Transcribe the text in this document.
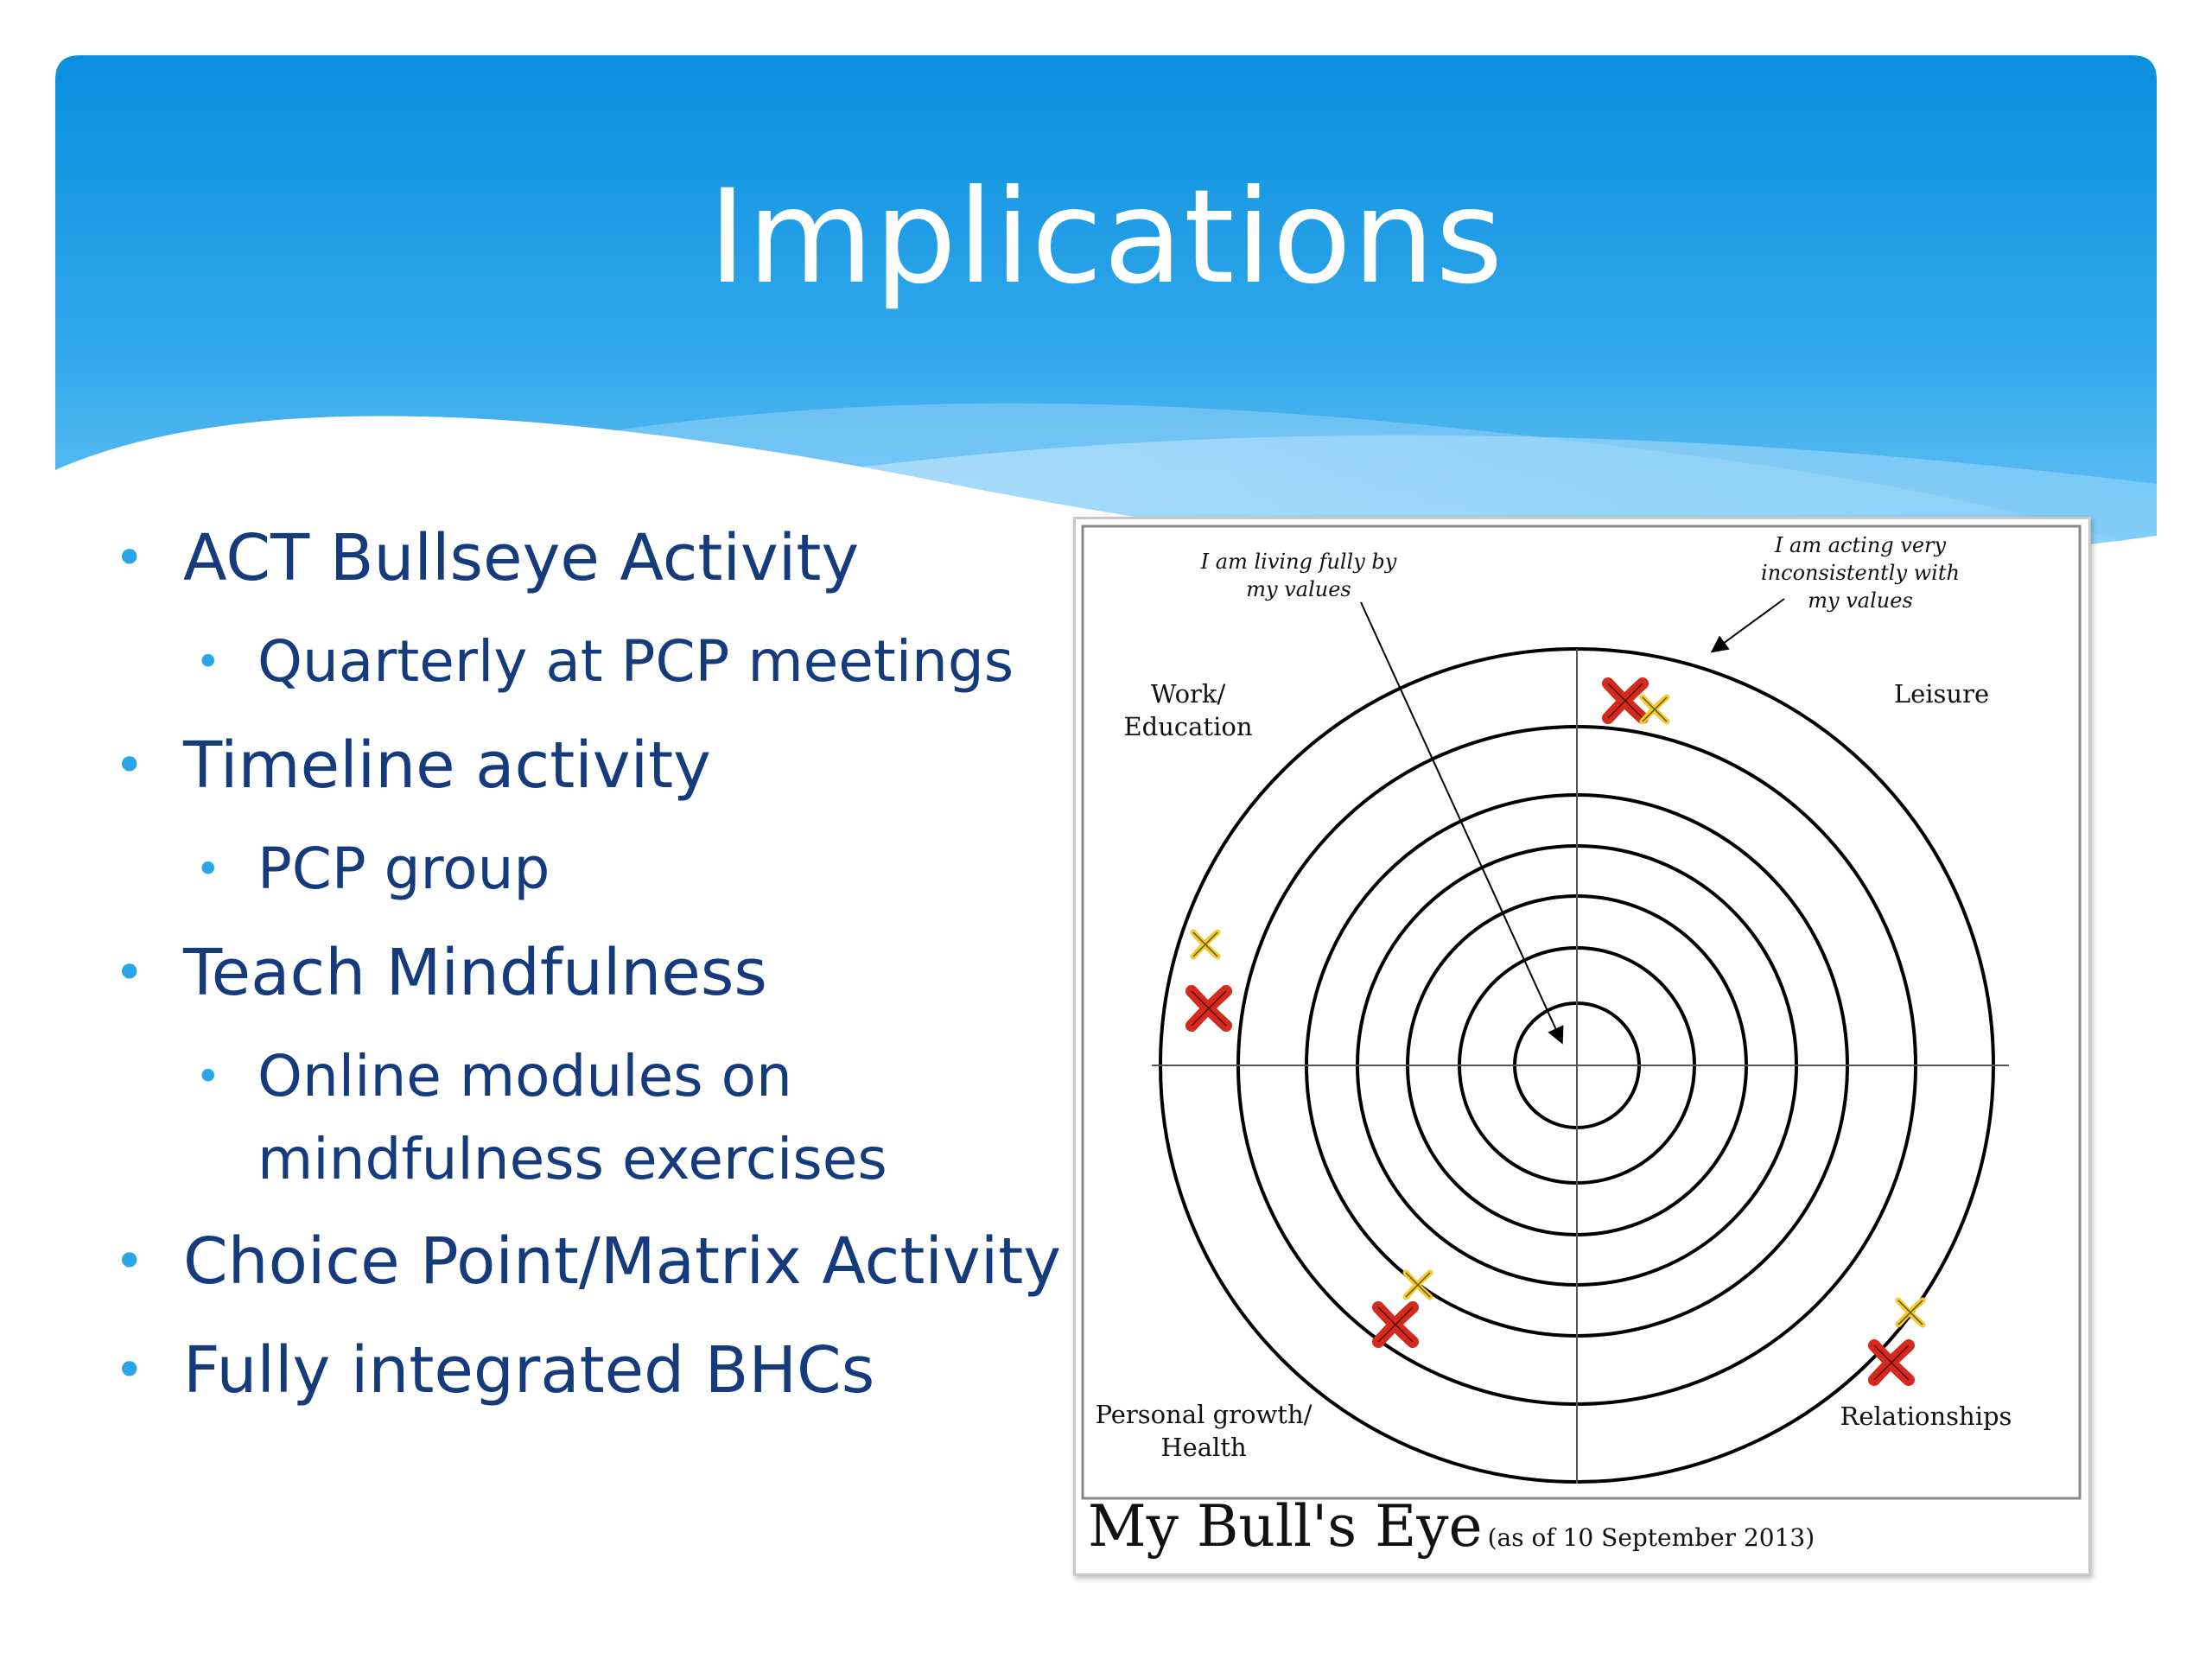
Implications
• ACT Bullseye Activity
• Quarterly at PCP meetings
• Timeline activity
• PCP group
• Teach Mindfulness
• Online modules on
mindfulness exercises
• Choice Point/Matrix Activity
• Fully integrated BHCs
I am living fully by my values
I am acting very inconsistently with my values
Work/ Education
Leisure
Personal growth/ Health
Relationships
My Bull's Eye (as of 10 September 2013)
